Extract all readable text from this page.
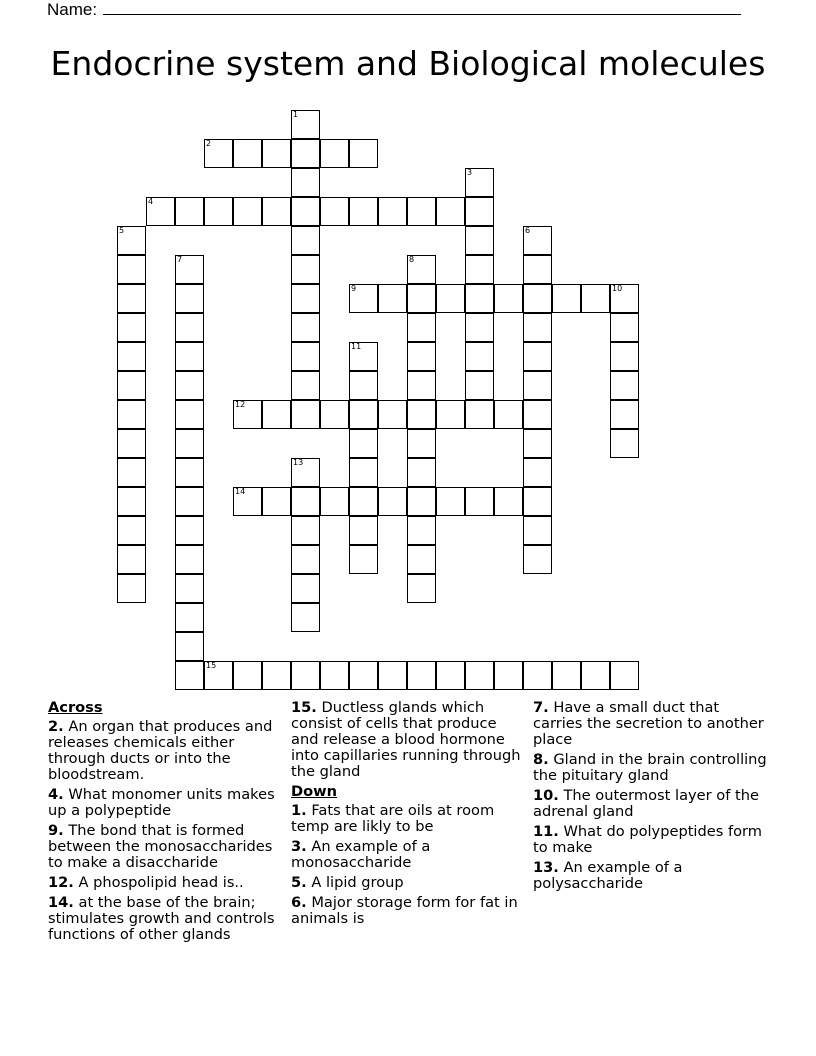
Name:
Endocrine system and Biological molecules
1
2
3
4
5	6
7	8
9	10
11
12
13
14
15
Across
2. An organ that produces and releases chemicals either through ducts or into the bloodstream.
4. What monomer units makes up a polypeptide
9. The bond that is formed between the monosaccharides to make a disaccharide
12. A phospolipid head is..
14. at the base of the brain; stimulates growth and controls functions of other glands
15. Ductless glands which consist of cells that produce and release a blood hormone into capillaries running through the gland
Down
1. Fats that are oils at room temp are likly to be
3. An example of a monosaccharide
5. A lipid group
6. Major storage form for fat in animals is
7. Have a small duct that carries the secretion to another place
8. Gland in the brain controlling the pituitary gland
10. The outermost layer of the adrenal gland
11. What do polypeptides form to make
13. An example of a polysaccharide
